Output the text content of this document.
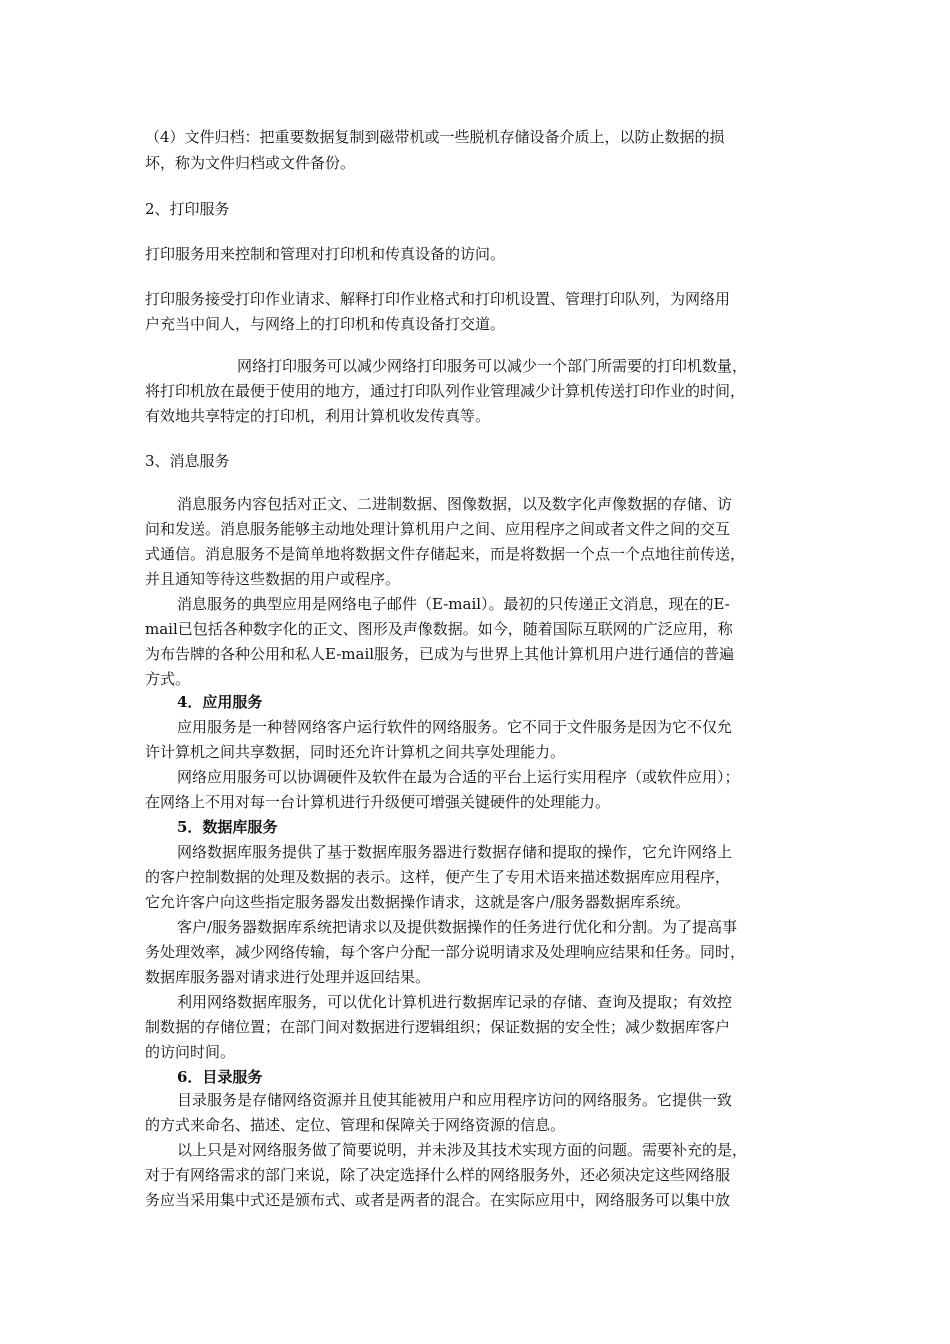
（4）文件归档：把重要数据复制到磁带机或一些脱机存储设备介质上，以防止数据的损

坏，称为文件归档或文件备份。

2、打印服务

打印服务用来控制和管理对打印机和传真设备的访问。

打印服务接受打印作业请求、解释打印作业格式和打印机设置、管理打印队列，为网络用

户充当中间人，与网络上的打印机和传真设备打交道。

网络打印服务可以减少网络打印服务可以减少一个部门所需要的打印机数量，

将打印机放在最便于使用的地方，通过打印队列作业管理减少计算机传送打印作业的时间，

有效地共享特定的打印机，利用计算机收发传真等。

3、消息服务

消息服务内容包括对正文、二进制数据、图像数据，以及数字化声像数据的存储、访

问和发送。消息服务能够主动地处理计算机用户之间、应用程序之间或者文件之间的交互

式通信。消息服务不是简单地将数据文件存储起来，而是将数据一个点一个点地往前传送，

并且通知等待这些数据的用户或程序。

消息服务的典型应用是网络电子邮件（E-mail）。最初的只传递正文消息，现在的E-

mail已包括各种数字化的正文、图形及声像数据。如今，随着国际互联网的广泛应用，称

为布告牌的各种公用和私人E-mail服务，已成为与世界上其他计算机用户进行通信的普遍

方式。

4．应用服务

应用服务是一种替网络客户运行软件的网络服务。它不同于文件服务是因为它不仅允

许计算机之间共享数据，同时还允许计算机之间共享处理能力。

网络应用服务可以协调硬件及软件在最为合适的平台上运行实用程序（或软件应用）；

在网络上不用对每一台计算机进行升级便可增强关键硬件的处理能力。

5．数据库服务

网络数据库服务提供了基于数据库服务器进行数据存储和提取的操作，它允许网络上

的客户控制数据的处理及数据的表示。这样，便产生了专用术语来描述数据库应用程序，

它允许客户向这些指定服务器发出数据操作请求，这就是客户/服务器数据库系统。

客户/服务器数据库系统把请求以及提供数据操作的任务进行优化和分割。为了提高事

务处理效率，减少网络传输，每个客户分配一部分说明请求及处理响应结果和任务。同时，

数据库服务器对请求进行处理并返回结果。

利用网络数据库服务，可以优化计算机进行数据库记录的存储、查询及提取；有效控

制数据的存储位置；在部门间对数据进行逻辑组织；保证数据的安全性；减少数据库客户

的访问时间。

6．目录服务

目录服务是存储网络资源并且使其能被用户和应用程序访问的网络服务。它提供一致

的方式来命名、描述、定位、管理和保障关于网络资源的信息。

以上只是对网络服务做了简要说明，并未涉及其技术实现方面的问题。需要补充的是，

对于有网络需求的部门来说，除了决定选择什么样的网络服务外，还必须决定这些网络服

务应当采用集中式还是颁布式、或者是两者的混合。在实际应用中，网络服务可以集中放
